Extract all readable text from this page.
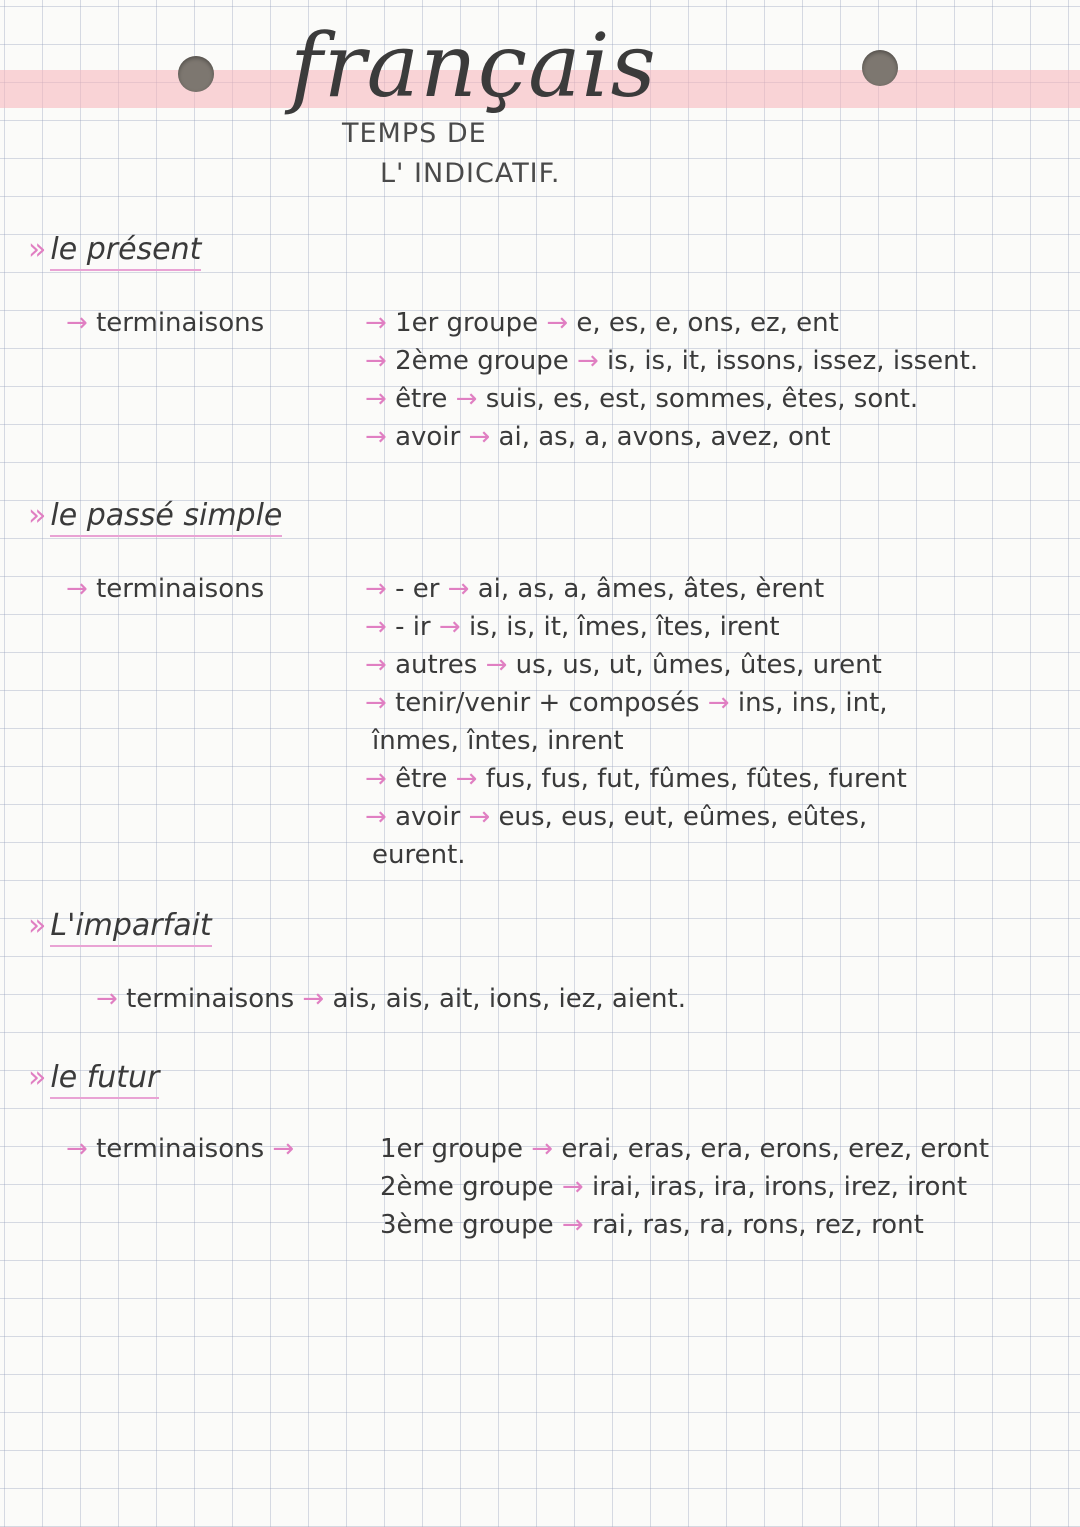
français
TEMPS DE
L' INDICATIF.
» le présent
→ terminaisons	→ 1er groupe → e, es, e, ons, ez, ent
→ 2ème groupe → is, is, it, issons, issez, issent.
→ être → suis, es, est, sommes, êtes, sont.
→ avoir → ai, as, a, avons, avez, ont
» le passé simple
→ terminaisons	→ - er → ai, as, a, âmes, âtes, èrent
→ - ir → is, is, it, îmes, îtes, irent
→ autres → us, us, ut, ûmes, ûtes, urent
→ tenir/venir + composés → ins, ins, int,
înmes, întes, inrent
→ être → fus, fus, fut, fûmes, fûtes, furent
→ avoir → eus, eus, eut, eûmes, eûtes,
eurent.
» L'imparfait
→ terminaisons → ais, ais, ait, ions, iez, aient.
» le futur
→ terminaisons →	1er groupe → erai, eras, era, erons, erez, eront
2ème groupe → irai, iras, ira, irons, irez, iront
3ème groupe → rai, ras, ra, rons, rez, ront
